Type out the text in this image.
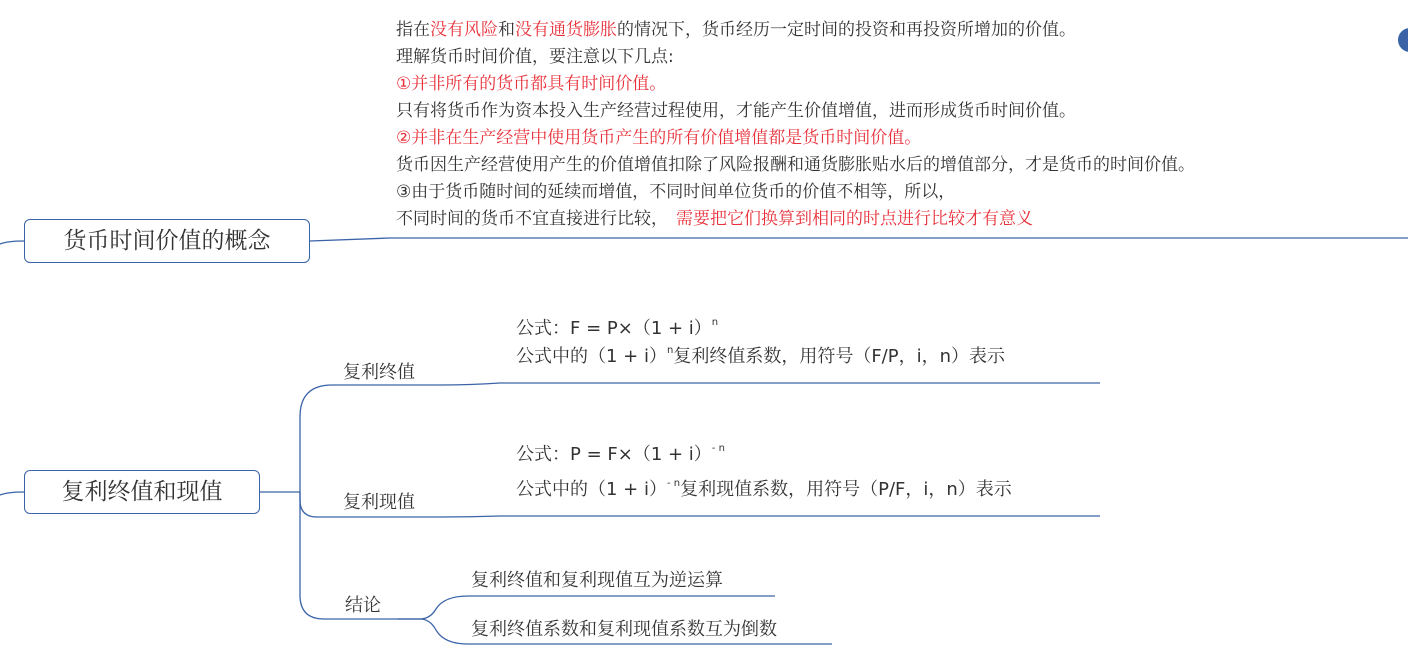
货币时间价值的概念
指在没有风险和没有通货膨胀的情况下，货币经历一定时间的投资和再投资所增加的价值。
理解货币时间价值，要注意以下几点:
①并非所有的货币都具有时间价值。
只有将货币作为资本投入生产经营过程使用，才能产生价值增值，进而形成货币时间价值。
②并非在生产经营中使用货币产生的所有价值增值都是货币时间价值。
货币因生产经营使用产生的价值增值扣除了风险报酬和通货膨胀贴水后的增值部分，才是货币的时间价值。
③由于货币随时间的延续而增值，不同时间单位货币的价值不相等，所以，
不同时间的货币不宜直接进行比较， 需要把它们换算到相同的时点进行比较才有意义
复利终值和现值
复利终值
公式：$F = P\times(1 + i)^n$
公式中的$(1 + i)^n$复利终值系数，用符号（F/P，i，n）表示
复利现值
公式：$P = F\times(1 + i)^{- n}$
公式中的$(1 + i)^{- n}$复利现值系数，用符号（P/F，i，n）表示
结论
复利终值和复利现值互为逆运算
复利终值系数和复利现值系数互为倒数
